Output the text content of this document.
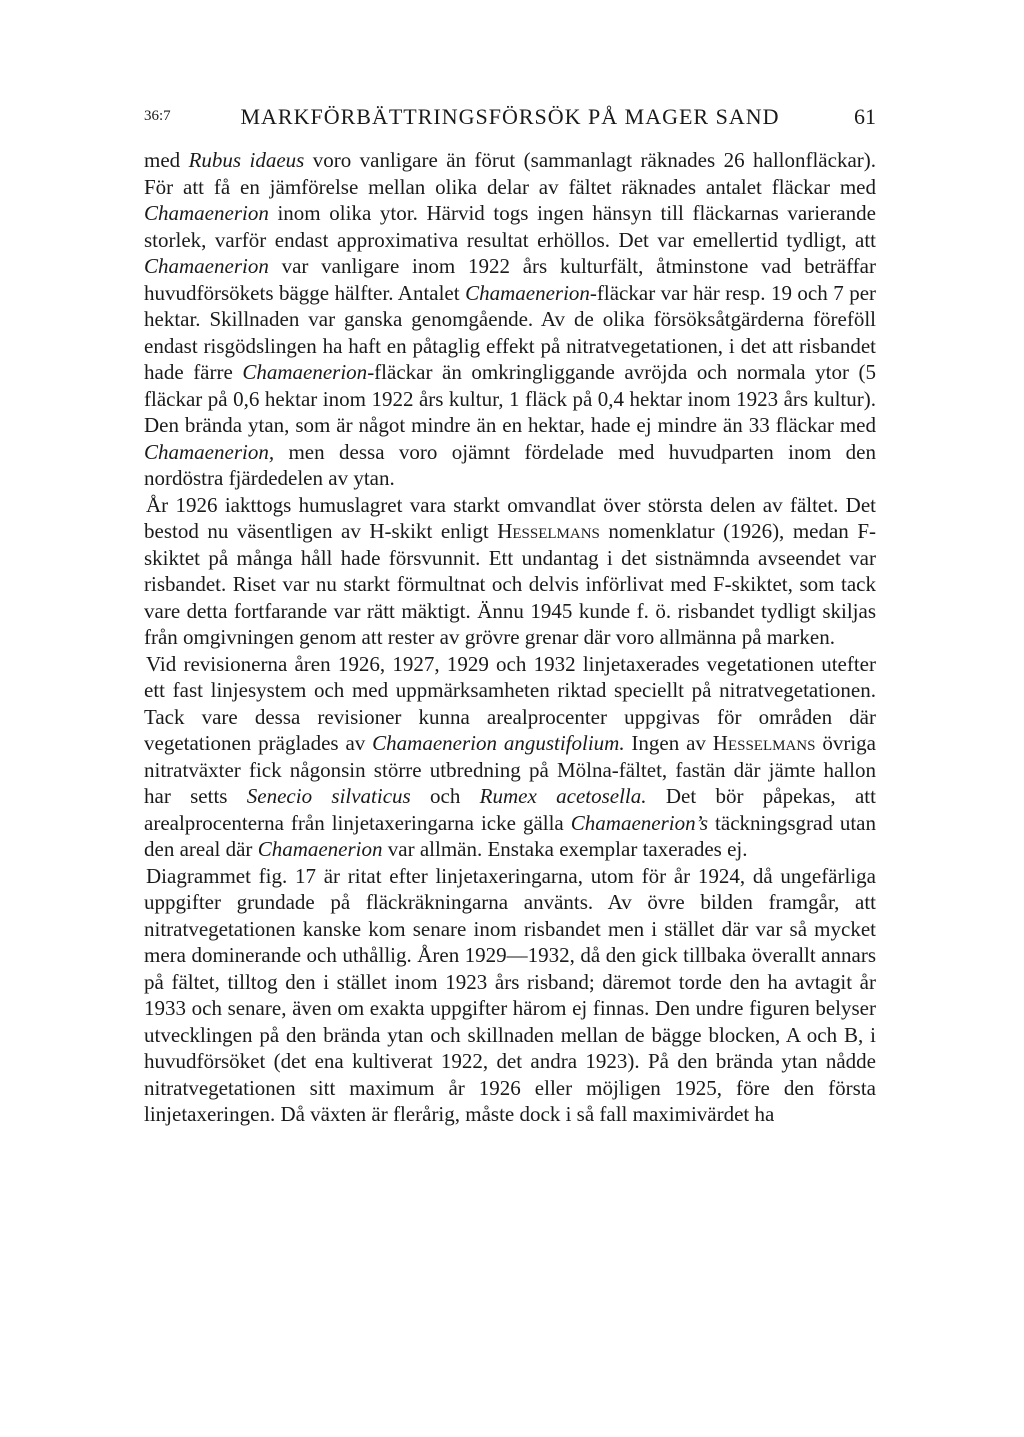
36:7	MARKFÖRBÄTTRINGSFÖRSÖK PÅ MAGER SAND	61

med Rubus idaeus voro vanligare än förut (sammanlagt räknades 26 hallonfläckar). För att få en jämförelse mellan olika delar av fältet räknades antalet fläckar med Chamaenerion inom olika ytor. Härvid togs ingen hänsyn till fläckarnas varierande storlek, varför endast approximativa resultat erhöllos. Det var emellertid tydligt, att Chamaenerion var vanligare inom 1922 års kulturfält, åtminstone vad beträffar huvudförsökets bägge hälfter. Antalet Chamaenerion-fläckar var här resp. 19 och 7 per hektar. Skillnaden var ganska genomgående. Av de olika försöksåtgärderna föreföll endast risgödslingen ha haft en påtaglig effekt på nitratvegetationen, i det att risbandet hade färre Chamaenerion-fläckar än omkringliggande avröjda och normala ytor (5 fläckar på 0,6 hektar inom 1922 års kultur, 1 fläck på 0,4 hektar inom 1923 års kultur). Den brända ytan, som är något mindre än en hektar, hade ej mindre än 33 fläckar med Chamaenerion, men dessa voro ojämnt fördelade med huvudparten inom den nordöstra fjärdedelen av ytan.

År 1926 iakttogs humuslagret vara starkt omvandlat över största delen av fältet. Det bestod nu väsentligen av H-skikt enligt Hesselmans nomenklatur (1926), medan F-skiktet på många håll hade försvunnit. Ett undantag i det sistnämnda avseendet var risbandet. Riset var nu starkt förmultnat och delvis införlivat med F-skiktet, som tack vare detta fortfarande var rätt mäktigt. Ännu 1945 kunde f. ö. risbandet tydligt skiljas från omgivningen genom att rester av grövre grenar där voro allmänna på marken.

Vid revisionerna åren 1926, 1927, 1929 och 1932 linjetaxerades vegetationen utefter ett fast linjesystem och med uppmärksamheten riktad speciellt på nitratvegetationen. Tack vare dessa revisioner kunna arealprocenter uppgivas för områden där vegetationen präglades av Chamaenerion angustifolium. Ingen av Hesselmans övriga nitratväxter fick någonsin större utbredning på Mölna-fältet, fastän där jämte hallon har setts Senecio silvaticus och Rumex acetosella. Det bör påpekas, att arealprocenterna från linjetaxeringarna icke gälla Chamaenerion’s täckningsgrad utan den areal där Chamaenerion var allmän. Enstaka exemplar taxerades ej.

Diagrammet fig. 17 är ritat efter linjetaxeringarna, utom för år 1924, då ungefärliga uppgifter grundade på fläckräkningarna använts. Av övre bilden framgår, att nitratvegetationen kanske kom senare inom risbandet men i stället där var så mycket mera dominerande och uthållig. Åren 1929—1932, då den gick tillbaka överallt annars på fältet, tilltog den i stället inom 1923 års risband; däremot torde den ha avtagit år 1933 och senare, även om exakta uppgifter härom ej finnas. Den undre figuren belyser utvecklingen på den brända ytan och skillnaden mellan de bägge blocken, A och B, i huvudförsöket (det ena kultiverat 1922, det andra 1923). På den brända ytan nådde nitratvegetationen sitt maximum år 1926 eller möjligen 1925, före den första linjetaxeringen. Då växten är flerårig, måste dock i så fall maximivärdet ha
